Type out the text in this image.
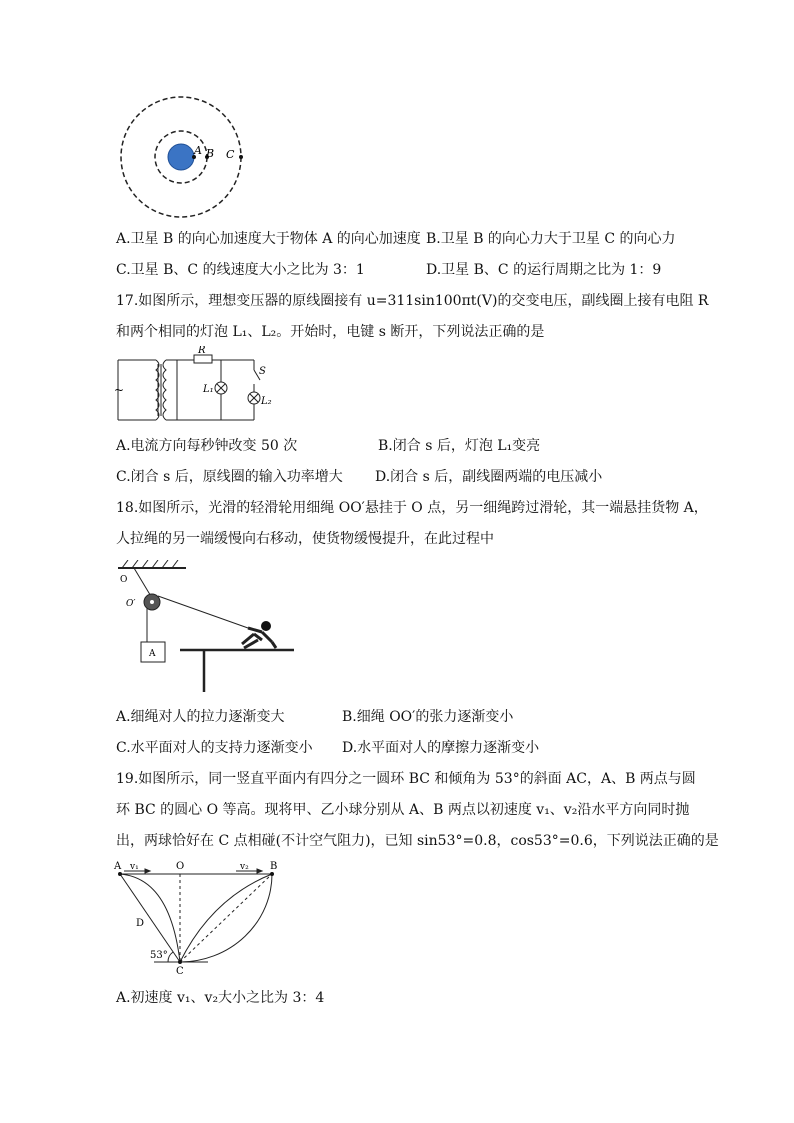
A B C
A.卫星 B 的向心加速度大于物体 A 的向心加速度 B.卫星 B 的向心力大于卫星 C 的向心力
C.卫星 B、C 的线速度大小之比为 3：1	D.卫星 B、C 的运行周期之比为 1：9
17.如图所示，理想变压器的原线圈接有 u=311sin100πt(V)的交变电压，副线圈上接有电阻 R
和两个相同的灯泡 L₁、L₂。开始时，电键 s 断开，下列说法正确的是
~
R
L₁
S
L₂
A.电流方向每秒钟改变 50 次	B.闭合 s 后，灯泡 L₁变亮
C.闭合 s 后，原线圈的输入功率增大 D.闭合 s 后，副线圈两端的电压减小
18.如图所示，光滑的轻滑轮用细绳 OO′悬挂于 O 点，另一细绳跨过滑轮，其一端悬挂货物 A，
人拉绳的另一端缓慢向右移动，使货物缓慢提升，在此过程中
O
O′
A
A.细绳对人的拉力逐渐变大	B.细绳 OO′的张力逐渐变小
C.水平面对人的支持力逐渐变小 D.水平面对人的摩擦力逐渐变小
19.如图所示，同一竖直平面内有四分之一圆环 BC 和倾角为 53°的斜面 AC，A、B 两点与圆
环 BC 的圆心 O 等高。现将甲、乙小球分别从 A、B 两点以初速度 v₁、v₂沿水平方向同时抛
出，两球恰好在 C 点相碰(不计空气阻力)，已知 sin53°=0.8，cos53°=0.6，下列说法正确的是
A v₁	O	v₂ B
D
53°
C
A.初速度 v₁、v₂大小之比为 3：4
